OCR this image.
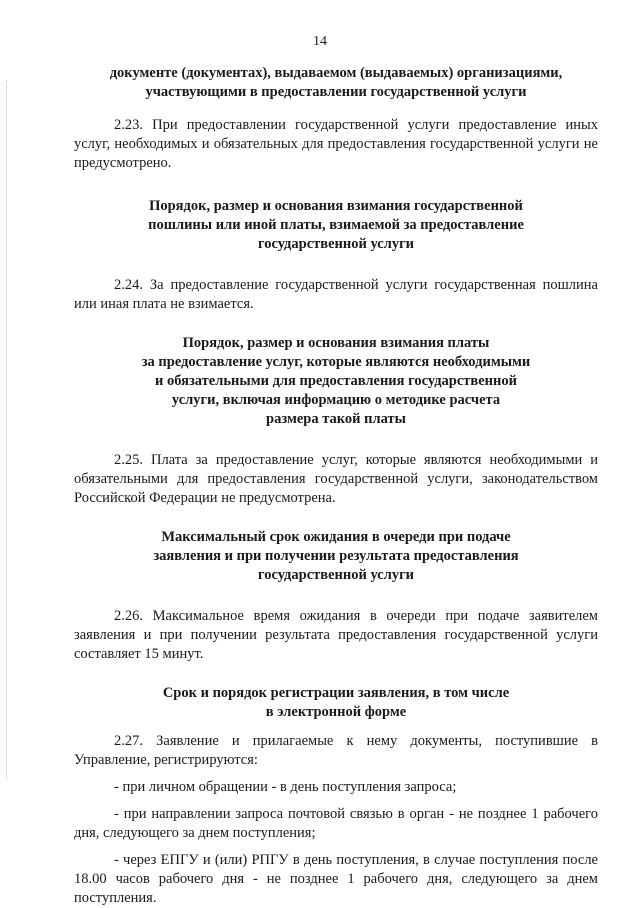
14
документе (документах), выдаваемом (выдаваемых) организациями,
участвующими в предоставлении государственной услуги

2.23. При предоставлении государственной услуги предоставление иных услуг, необходимых и обязательных для предоставления государственной услуги не предусмотрено.

Порядок, размер и основания взимания государственной
пошлины или иной платы, взимаемой за предоставление
государственной услуги

2.24. За предоставление государственной услуги государственная пошлина или иная плата не взимается.

Порядок, размер и основания взимания платы
за предоставление услуг, которые являются необходимыми
и обязательными для предоставления государственной
услуги, включая информацию о методике расчета
размера такой платы

2.25. Плата за предоставление услуг, которые являются необходимыми и обязательными для предоставления государственной услуги, законодательством Российской Федерации не предусмотрена.

Максимальный срок ожидания в очереди при подаче
заявления и при получении результата предоставления
государственной услуги

2.26. Максимальное время ожидания в очереди при подаче заявителем заявления и при получении результата предоставления государственной услуги составляет 15 минут.

Срок и порядок регистрации заявления, в том числе
в электронной форме

2.27. Заявление и прилагаемые к нему документы, поступившие в Управление, регистрируются:

- при личном обращении - в день поступления запроса;

- при направлении запроса почтовой связью в орган - не позднее 1 рабочего дня, следующего за днем поступления;

- через ЕПГУ и (или) РПГУ в день поступления, в случае поступления после 18.00 часов рабочего дня - не позднее 1 рабочего дня, следующего за днем поступления.
